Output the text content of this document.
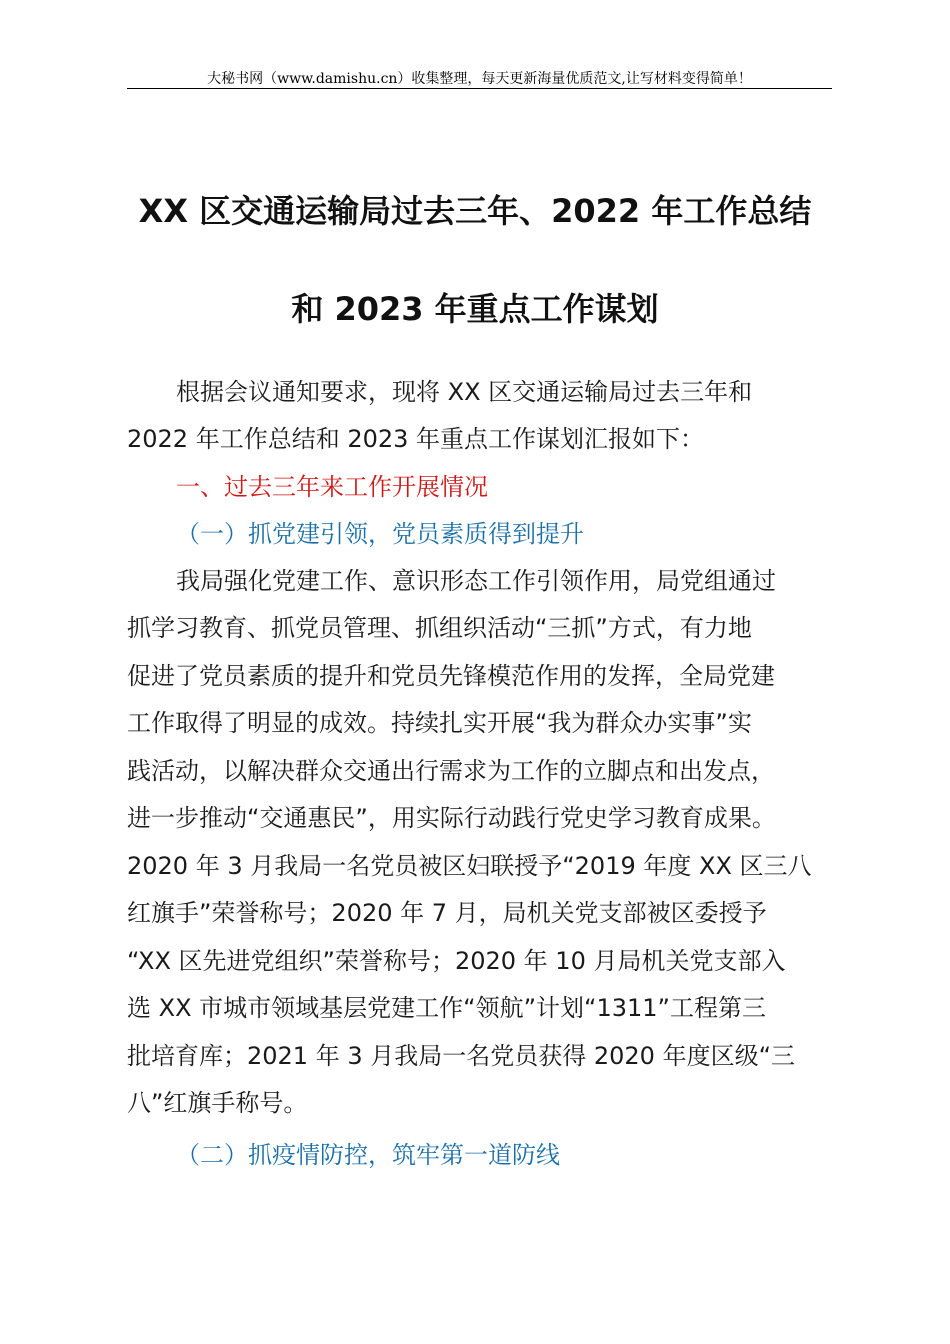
大秘书网（www.damishu.cn）收集整理，每天更新海量优质范文,让写材料变得简单！
XX 区交通运输局过去三年、2022 年工作总结
和 2023 年重点工作谋划
根据会议通知要求，现将 XX 区交通运输局过去三年和
2022 年工作总结和 2023 年重点工作谋划汇报如下：
一、过去三年来工作开展情况
（一）抓党建引领，党员素质得到提升
我局强化党建工作、意识形态工作引领作用，局党组通过
抓学习教育、抓党员管理、抓组织活动“三抓”方式，有力地
促进了党员素质的提升和党员先锋模范作用的发挥，全局党建
工作取得了明显的成效。持续扎实开展“我为群众办实事”实
践活动，以解决群众交通出行需求为工作的立脚点和出发点，
进一步推动“交通惠民”，用实际行动践行党史学习教育成果。
2020 年 3 月我局一名党员被区妇联授予“2019 年度 XX 区三八
红旗手”荣誉称号；2020 年 7 月，局机关党支部被区委授予
“XX 区先进党组织”荣誉称号；2020 年 10 月局机关党支部入
选 XX 市城市领域基层党建工作“领航”计划“1311”工程第三
批培育库；2021 年 3 月我局一名党员获得 2020 年度区级“三
八”红旗手称号。
（二）抓疫情防控，筑牢第一道防线
